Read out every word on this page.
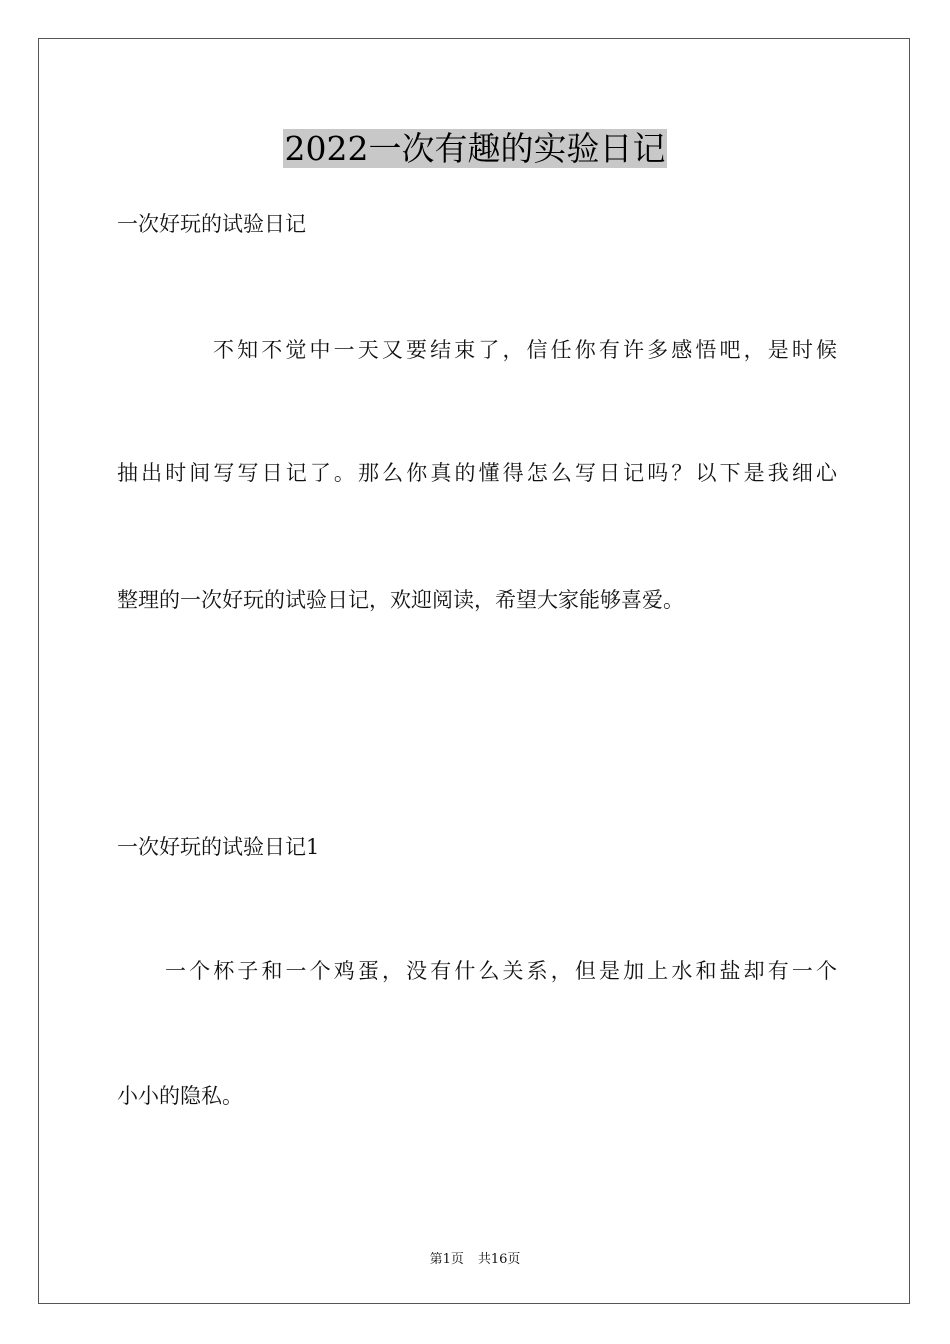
2022一次有趣的实验日记
一次好玩的试验日记
不知不觉中一天又要结束了，信任你有许多感悟吧，是时候
抽出时间写写日记了。那么你真的懂得怎么写日记吗？以下是我细心
整理的一次好玩的试验日记，欢迎阅读，希望大家能够喜爱。
一次好玩的试验日记1
一个杯子和一个鸡蛋，没有什么关系，但是加上水和盐却有一个
小小的隐私。
第1页 共16页
